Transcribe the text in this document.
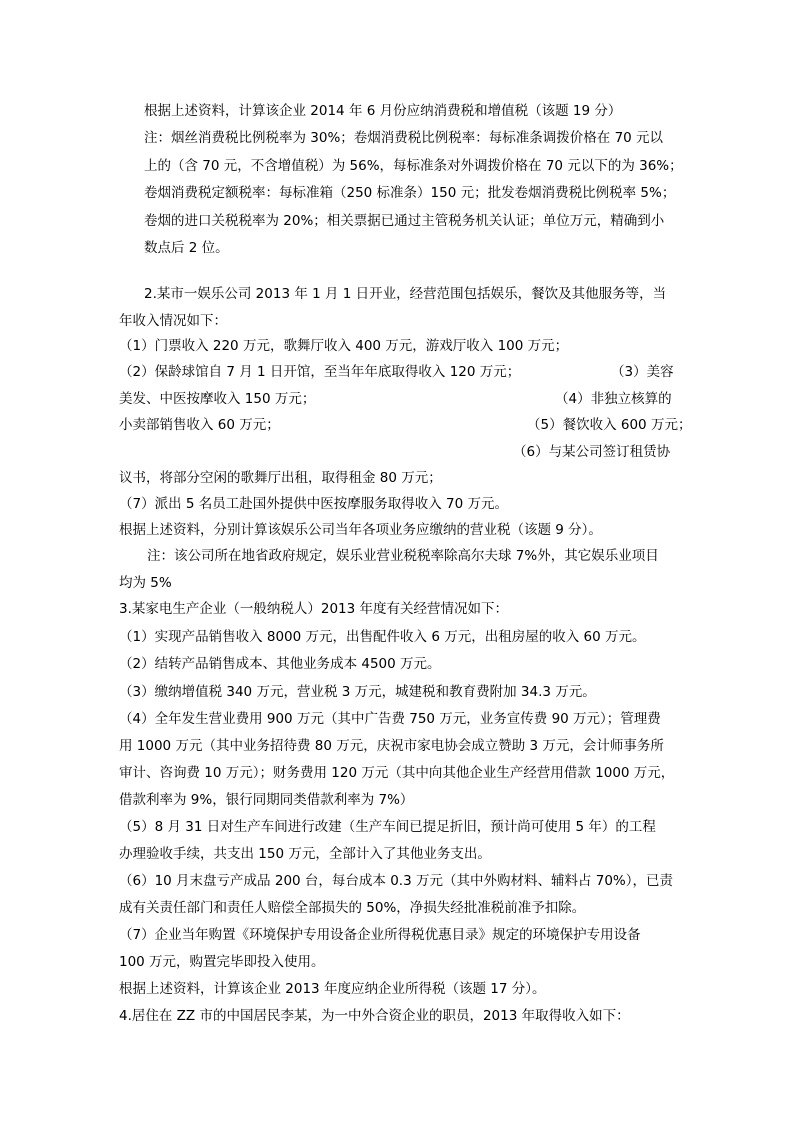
根据上述资料，计算该企业 2014 年 6 月份应纳消费税和增值税（该题 19 分）
注：烟丝消费税比例税率为 30%；卷烟消费税比例税率：每标准条调拨价格在 70 元以
上的（含 70 元，不含增值税）为 56%，每标准条对外调拨价格在 70 元以下的为 36%；
卷烟消费税定额税率：每标准箱（250 标准条）150 元；批发卷烟消费税比例税率 5%；
卷烟的进口关税税率为 20%；相关票据已通过主管税务机关认证；单位万元，精确到小
数点后 2 位。
2.某市一娱乐公司 2013 年 1 月 1 日开业，经营范围包括娱乐，餐饮及其他服务等，当
年收入情况如下：
（1）门票收入 220 万元，歌舞厅收入 400 万元，游戏厅收入 100 万元；
（2）保龄球馆自 7 月 1 日开馆，至当年年底取得收入 120 万元；	（3）美容
美发、中医按摩收入 150 万元；	（4）非独立核算的
小卖部销售收入 60 万元；	（5）餐饮收入 600 万元；
（6）与某公司签订租赁协
议书，将部分空闲的歌舞厅出租，取得租金 80 万元；
（7）派出 5 名员工赴国外提供中医按摩服务取得收入 70 万元。
根据上述资料，分别计算该娱乐公司当年各项业务应缴纳的营业税（该题 9 分）。
注：该公司所在地省政府规定，娱乐业营业税税率除高尔夫球 7%外，其它娱乐业项目
均为 5%
3.某家电生产企业（一般纳税人）2013 年度有关经营情况如下：
（1）实现产品销售收入 8000 万元，出售配件收入 6 万元，出租房屋的收入 60 万元。
（2）结转产品销售成本、其他业务成本 4500 万元。
（3）缴纳增值税 340 万元，营业税 3 万元，城建税和教育费附加 34.3 万元。
（4）全年发生营业费用 900 万元（其中广告费 750 万元，业务宣传费 90 万元）；管理费
用 1000 万元（其中业务招待费 80 万元，庆祝市家电协会成立赞助 3 万元，会计师事务所
审计、咨询费 10 万元）；财务费用 120 万元（其中向其他企业生产经营用借款 1000 万元，
借款利率为 9%，银行同期同类借款利率为 7%）
（5）8 月 31 日对生产车间进行改建（生产车间已提足折旧，预计尚可使用 5 年）的工程
办理验收手续，共支出 150 万元，全部计入了其他业务支出。
（6）10 月末盘亏产成品 200 台，每台成本 0.3 万元（其中外购材料、辅料占 70%），已责
成有关责任部门和责任人赔偿全部损失的 50%，净损失经批准税前准予扣除。
（7）企业当年购置《环境保护专用设备企业所得税优惠目录》规定的环境保护专用设备
100 万元，购置完毕即投入使用。
根据上述资料，计算该企业 2013 年度应纳企业所得税（该题 17 分）。
4.居住在 ZZ 市的中国居民李某，为一中外合资企业的职员，2013 年取得收入如下：
